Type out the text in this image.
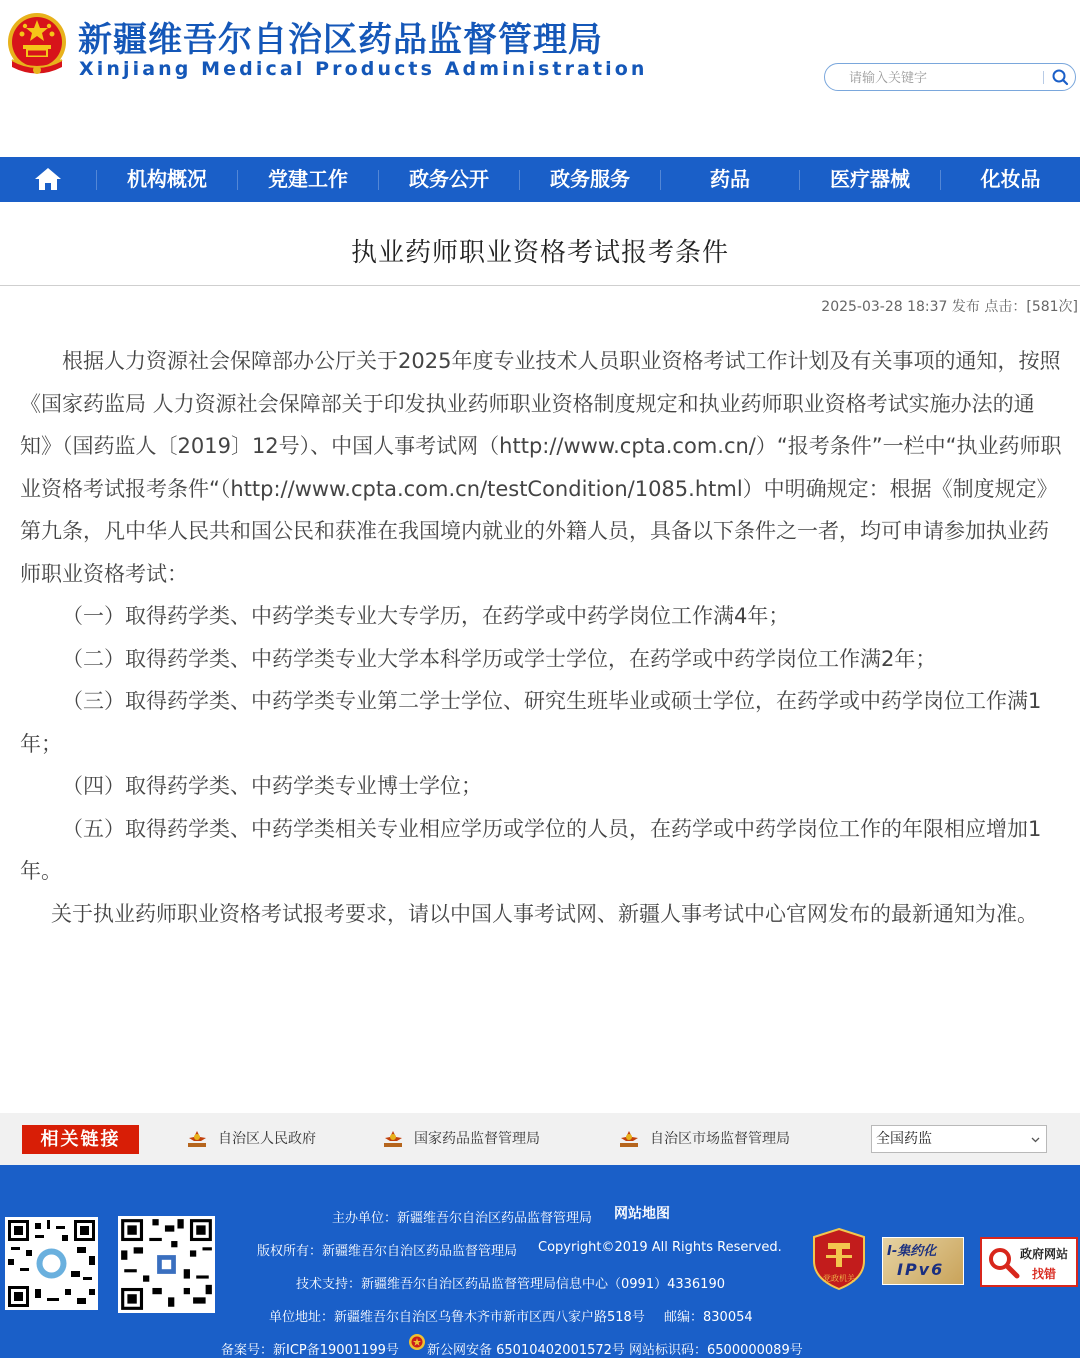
新疆维吾尔自治区药品监督管理局
Xinjiang Medical Products Administration
请输入关键字
机构概况	党建工作	政务公开	政务服务	药品	医疗器械	化妆品
执业药师职业资格考试报考条件
2025-03-28 18:37 发布 点击：[581次]

根据人力资源社会保障部办公厅关于2025年度专业技术人员职业资格考试工作计划及有关事项的通知，按照《国家药监局 人力资源社会保障部关于印发执业药师职业资格制度规定和执业药师职业资格考试实施办法的通知》（国药监人〔2019〕12号）、中国人事考试网（http://www.cpta.com.cn/）“报考条件”一栏中“执业药师职业资格考试报考条件“（http://www.cpta.com.cn/testCondition/1085.html）中明确规定：根据《制度规定》第九条，凡中华人民共和国公民和获准在我国境内就业的外籍人员，具备以下条件之一者，均可申请参加执业药师职业资格考试：

（一）取得药学类、中药学类专业大专学历，在药学或中药学岗位工作满4年；

（二）取得药学类、中药学类专业大学本科学历或学士学位，在药学或中药学岗位工作满2年；

（三）取得药学类、中药学类专业第二学士学位、研究生班毕业或硕士学位，在药学或中药学岗位工作满1年；

（四）取得药学类、中药学类专业博士学位；

（五）取得药学类、中药学类相关专业相应学历或学位的人员，在药学或中药学岗位工作的年限相应增加1年。

关于执业药师职业资格考试报考要求，请以中国人事考试网、新疆人事考试中心官网发布的最新通知为准。

相关链接	自治区人民政府	国家药品监督管理局	自治区市场监督管理局	全国药监
主办单位：新疆维吾尔自治区药品监督管理局 网站地图
版权所有：新疆维吾尔自治区药品监督管理局 Copyright©2019 All Rights Reserved.
技术支持：新疆维吾尔自治区药品监督管理局信息中心（0991）4336190
单位地址：新疆维吾尔自治区乌鲁木齐市新市区西八家户路518号 邮编：830054
备案号：新ICP备19001199号 新公网安备 65010402001572号 网站标识码：6500000089号
党政机关
I-集约化
IPv6
政府网站
找错
